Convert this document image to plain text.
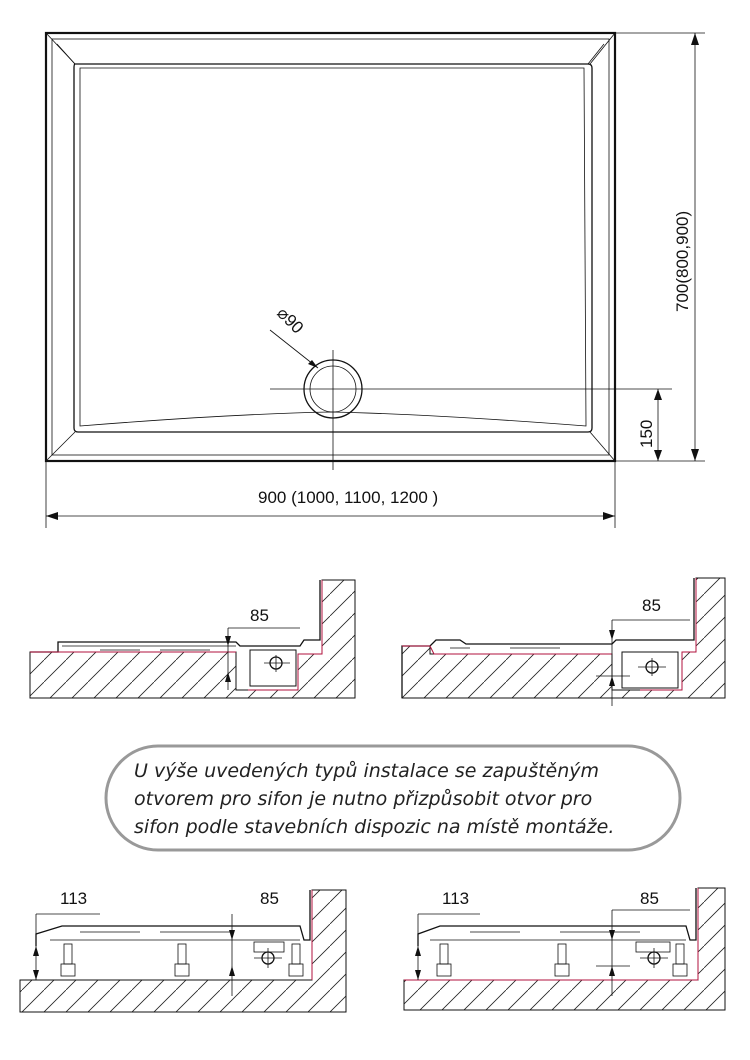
⌀90
900 (1000, 1100, 1200 )
700(800,900)
150
85
85
U výše uvedených typů instalace se zapuštěným
otvorem pro sifon je nutno přizpůsobit otvor pro
sifon podle stavebních dispozic na místě montáže.
113	85	113	85
